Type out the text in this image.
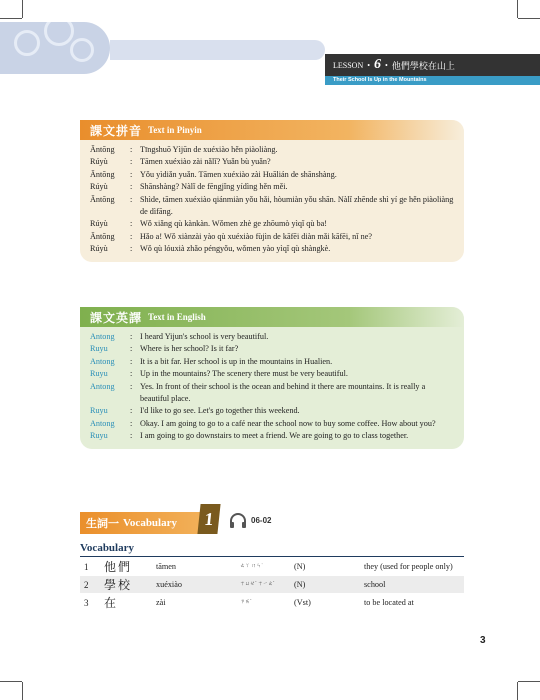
LESSON • 6 • 他們學校在山上
Their School Is Up in the Mountains
課文拼音 Text in Pinyin
Āntōng	: Tīngshuō Yìjūn de xuéxiào hěn piàoliàng.
Rúyù	: Tāmen xuéxiào zài nǎlǐ? Yuǎn bù yuǎn?
Āntōng	: Yǒu yìdiǎn yuǎn. Tāmen xuéxiào zài Huālián de shānshàng.
Rúyù	: Shānshàng? Nàlǐ de fēngjǐng yídìng hěn měi.
Āntōng	: Shìde, tāmen xuéxiào qiánmiàn yǒu hǎi, hòumiàn yǒu shān. Nàlǐ zhēnde shì yí ge hěn piàoliàng de dìfāng.
Rúyù	: Wǒ xiǎng qù kànkàn. Wǒmen zhè ge zhōumò yìqǐ qù ba!
Āntōng	: Hǎo a! Wǒ xiànzài yào qù xuéxiào fùjìn de kāfēi diàn mǎi kāfēi, nǐ ne?
Rúyù	: Wǒ qù lóuxià zhǎo péngyǒu, wǒmen yào yìqǐ qù shàngkè.
課文英譯 Text in English
Antong	: I heard Yijun's school is very beautiful.
Ruyu	: Where is her school? Is it far?
Antong	: It is a bit far. Her school is up in the mountains in Hualien.
Ruyu	: Up in the mountains? The scenery there must be very beautiful.
Antong	: Yes. In front of their school is the ocean and behind it there are mountains. It is really a beautiful place.
Ruyu	: I'd like to go see. Let's go together this weekend.
Antong	: Okay. I am going to go to a café near the school now to buy some coffee. How about you?
Ruyu	: I am going to go downstairs to meet a friend. We are going to go to class together.
生詞一 Vocabulary	1	06-02
Vocabulary
1	他們	tāmen	ㄊㄚ ㄇㄣ˙	(N)	they (used for people only)
2	學校	xuéxiào	ㄒㄩㄝˊ ㄒㄧㄠˋ	(N)	school
3	在	zài	ㄗㄞˋ	(Vst)	to be located at
3
